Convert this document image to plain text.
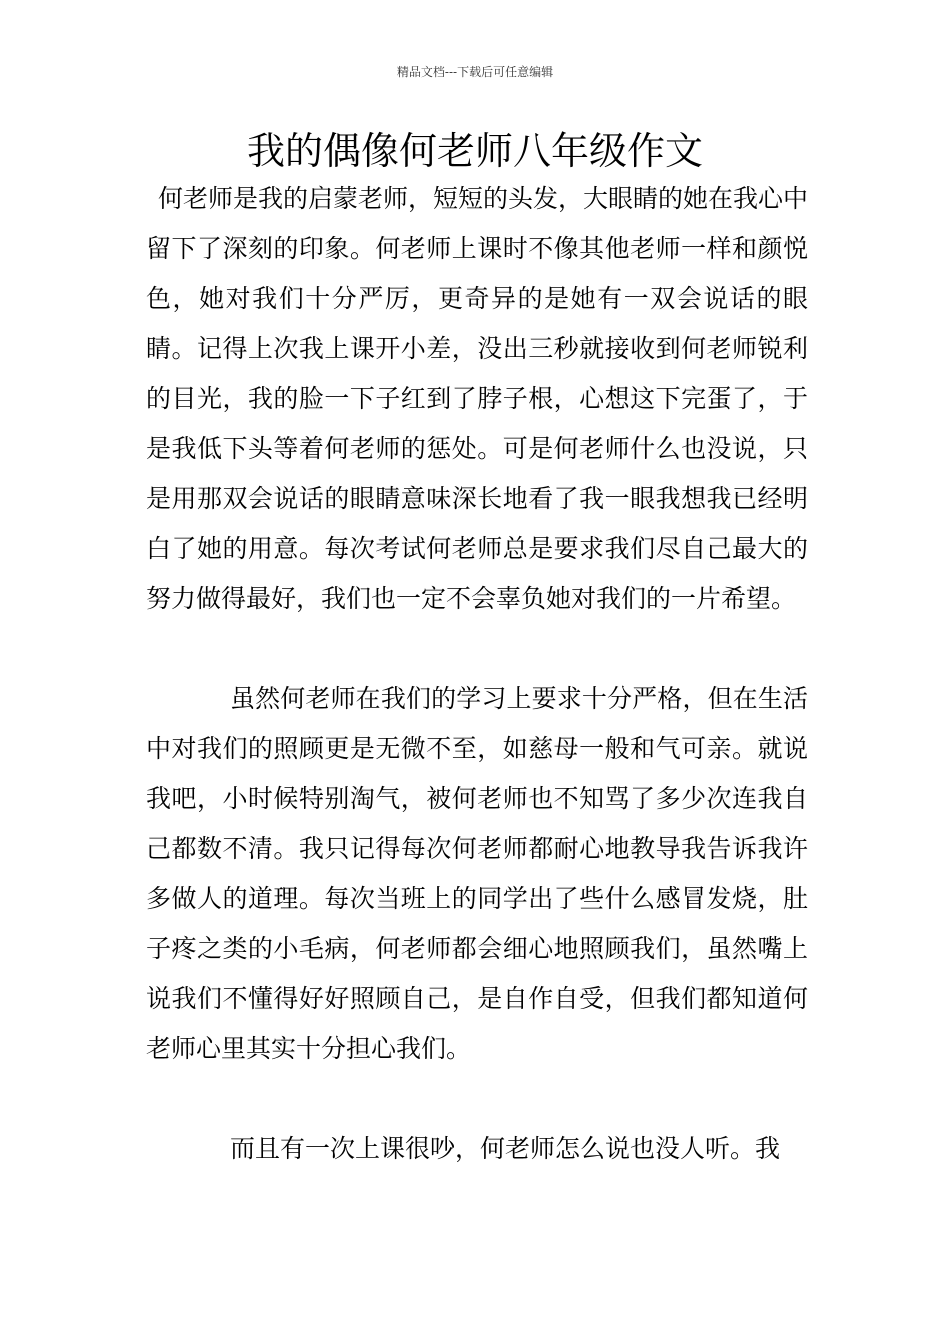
精品文档---下载后可任意编辑
我的偶像何老师八年级作文

何老师是我的启蒙老师，短短的头发，大眼睛的她在我心中留下了深刻的印象。何老师上课时不像其他老师一样和颜悦色，她对我们十分严厉，更奇异的是她有一双会说话的眼睛。记得上次我上课开小差，没出三秒就接收到何老师锐利的目光，我的脸一下子红到了脖子根，心想这下完蛋了，于是我低下头等着何老师的惩处。可是何老师什么也没说，只是用那双会说话的眼睛意味深长地看了我一眼我想我已经明白了她的用意。每次考试何老师总是要求我们尽自己最大的努力做得最好，我们也一定不会辜负她对我们的一片希望。

虽然何老师在我们的学习上要求十分严格，但在生活中对我们的照顾更是无微不至，如慈母一般和气可亲。就说我吧，小时候特别淘气，被何老师也不知骂了多少次连我自己都数不清。我只记得每次何老师都耐心地教导我告诉我许多做人的道理。每次当班上的同学出了些什么感冒发烧，肚子疼之类的小毛病，何老师都会细心地照顾我们，虽然嘴上说我们不懂得好好照顾自己，是自作自受，但我们都知道何老师心里其实十分担心我们。

而且有一次上课很吵，何老师怎么说也没人听。我
